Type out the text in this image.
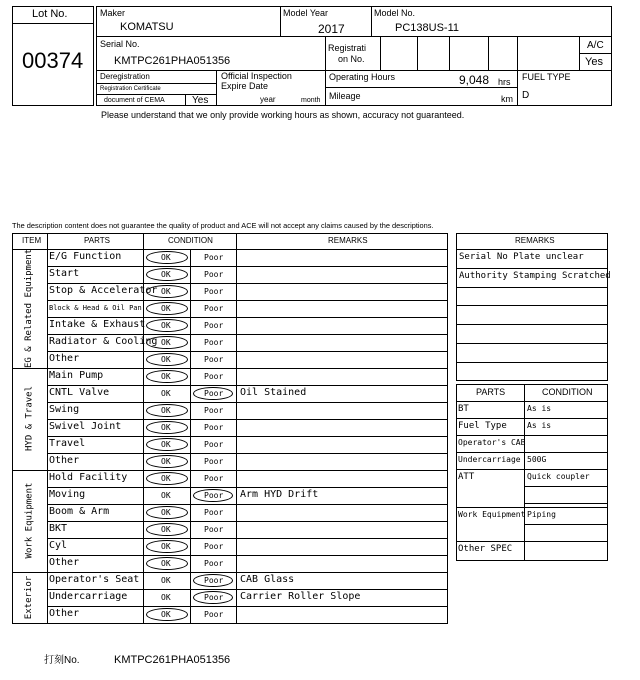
Lot No.
00374
Maker
KOMATSU
Model Year
2017
Model No.
PC138US-11
Serial No.
KMTPC261PHA051356
Registrati
on No.
A/C
Yes
Deregistration
Registration Certificate
document of CEMA	Yes
Official Inspection
Expire Date
year	month
Operating Hours	9,048 hrs
Mileage	km
FUEL TYPE
D
Please understand that we only provide working hours as shown, accuracy not guaranteed.
The description content does not guarantee the quality of product and ACE will not accept any claims caused by the descriptions.
ITEM	PARTS	CONDITION	REMARKS
EG & Related Equipment E/G Function	OK	Poor
Start	OK	Poor
Stop & Accelerator OK	Poor
Block & Head & Oil Pan OK	Poor
Intake & Exhaust OK	Poor
Radiator & Cooling OK	Poor
Other	OK	Poor
HYD & Travel
Main Pump	OK	Poor
CNTL Valve	OK	Poor Oil Stained
Swing	OK	Poor
Swivel Joint	OK	Poor
Travel	OK	Poor
Other	OK	Poor
Work Equipment
Hold Facility	OK	Poor
Moving	OK	Poor Arm HYD Drift
Boom & Arm	OK	Poor
BKT	OK	Poor
Cyl	OK	Poor
Other	OK	Poor
Exterior Operator's Seat	OK	Poor CAB Glass
Undercarriage	OK	Poor Carrier Roller Slope
Other	OK	Poor
REMARKS
Serial No Plate unclear
Authority Stamping Scratched
PARTS	CONDITION
BT	As is
Fuel Type	As is
Operator's CAB
Undercarriage 500G
ATT	Quick coupler
Work Equipment Piping
Other SPEC
打刻No.	KMTPC261PHA051356
